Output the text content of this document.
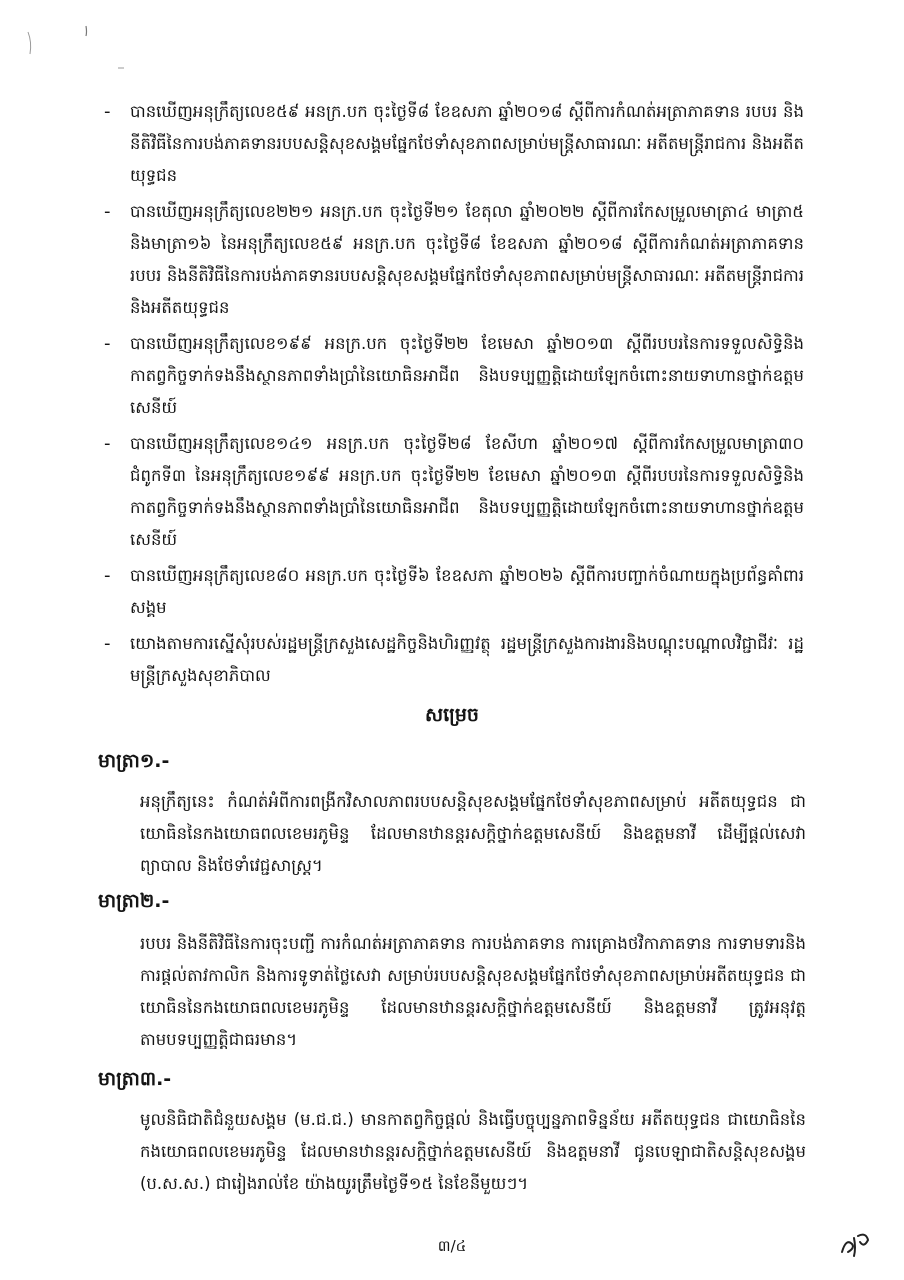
-	បានឃើញអនុក្រឹត្យលេខ៥៩ អនក្រ.បក ចុះថ្ងៃទី៨ ខែឧសភា ឆ្នាំ២០១៨ ស្តីពីការកំណត់អត្រាភាគទាន របបរ និងនីតិវិធីនៃការបង់ភាគទានរបបសន្តិសុខសង្គមផ្នែកថែទាំសុខភាពសម្រាប់មន្ត្រីសាធារណៈ អតីតមន្ត្រីរាជការ និងអតីតយុទ្ធជន
-	បានឃើញអនុក្រឹត្យលេខ២២១ អនក្រ.បក ចុះថ្ងៃទី២១ ខែតុលា ឆ្នាំ២០២២ ស្តីពីការកែសម្រួលមាត្រា៤ មាត្រា៥ និងមាត្រា១៦ នៃអនុក្រឹត្យលេខ៥៩ អនក្រ.បក ចុះថ្ងៃទី៨ ខែឧសភា ឆ្នាំ២០១៨ ស្តីពីការកំណត់អត្រាភាគទាន របបរ និងនីតិវិធីនៃការបង់ភាគទានរបបសន្តិសុខសង្គមផ្នែកថែទាំសុខភាពសម្រាប់មន្ត្រីសាធារណៈ អតីតមន្ត្រីរាជការ និងអតីតយុទ្ធជន
-	បានឃើញអនុក្រឹត្យលេខ១៩៩ អនក្រ.បក ចុះថ្ងៃទី២២ ខែមេសា ឆ្នាំ២០១៣ ស្តីពីរបបរនៃការទទួលសិទ្ធិនិងកាតព្វកិច្ចទាក់ទងនឹងស្ថានភាពទាំងប្រាំនៃយោធិនអាជីព និងបទប្បញ្ញត្តិដោយឡែកចំពោះនាយទាហានថ្នាក់ឧត្តមសេនីយ៍
-	បានឃើញអនុក្រឹត្យលេខ១៤១ អនក្រ.បក ចុះថ្ងៃទី២៨ ខែសីហា ឆ្នាំ២០១៧ ស្តីពីការកែសម្រួលមាត្រា៣០ ជំពូកទី៣ នៃអនុក្រឹត្យលេខ១៩៩ អនក្រ.បក ចុះថ្ងៃទី២២ ខែមេសា ឆ្នាំ២០១៣ ស្តីពីរបបរនៃការទទួលសិទ្ធិនិងកាតព្វកិច្ចទាក់ទងនឹងស្ថានភាពទាំងប្រាំនៃយោធិនអាជីព និងបទប្បញ្ញត្តិដោយឡែកចំពោះនាយទាហានថ្នាក់ឧត្តមសេនីយ៍
-	បានឃើញអនុក្រឹត្យលេខ៨០ អនក្រ.បក ចុះថ្ងៃទី៦ ខែឧសភា ឆ្នាំ២០២៦ ស្តីពីការបញ្ចាក់ចំណាយក្នុងប្រព័ន្ធគាំពារសង្គម
-	យោងតាមការស្នើសុំរបស់រដ្ឋមន្ត្រីក្រសួងសេដ្ឋកិច្ចនិងហិរញ្ញវត្ថុ រដ្ឋមន្ត្រីក្រសួងការងារនិងបណ្តុះបណ្តាលវិជ្ជាជីវៈ រដ្ឋមន្ត្រីក្រសួងសុខាភិបាល
សម្រេច
មាត្រា១.-

អនុក្រឹត្យនេះ កំណត់អំពីការពង្រីកវិសាលភាពរបបសន្តិសុខសង្គមផ្នែកថែទាំសុខភាពសម្រាប់ អតីតយុទ្ធជន ជាយោធិននៃកងយោធពលខេមរភូមិន្ទ ដែលមានឋានន្តរសក្តិថ្នាក់ឧត្តមសេនីយ៍ និងឧត្តមនាវី ដើម្បីផ្តល់សេវាព្យាបាល និងថែទាំវេជ្ជសាស្ត្រ។

មាត្រា២.-

របបរ និងនីតិវិធីនៃការចុះបញ្ជី ការកំណត់អត្រាភាគទាន ការបង់ភាគទាន ការគ្រោងថវិកាភាគទាន ការទាមទារនិងការផ្តល់តាវកាលិក និងការទូទាត់ថ្លៃសេវា សម្រាប់របបសន្តិសុខសង្គមផ្នែកថែទាំសុខភាពសម្រាប់អតីតយុទ្ធជន ជាយោធិននៃកងយោធពលខេមរភូមិន្ទ ដែលមានឋានន្តរសក្តិថ្នាក់ឧត្តមសេនីយ៍ និងឧត្តមនាវី ត្រូវអនុវត្តតាមបទប្បញ្ញត្តិជាធរមាន។

មាត្រា៣.-

មូលនិធិជាតិជំនួយសង្គម (ម.ជ.ជ.) មានកាតព្វកិច្ចផ្តល់ និងធ្វើបច្ចុប្បន្នភាពទិន្នន័យ អតីតយុទ្ធជន ជាយោធិននៃកងយោធពលខេមរភូមិន្ទ ដែលមានឋានន្តរសក្តិថ្នាក់ឧត្តមសេនីយ៍ និងឧត្តមនាវី ជូនបេឡាជាតិសន្តិសុខសង្គម (ប.ស.ស.) ជារៀងរាល់ខែ យ៉ាងយូរត្រឹមថ្ងៃទី១៥ នៃខែនីមួយៗ។

៣/៤
